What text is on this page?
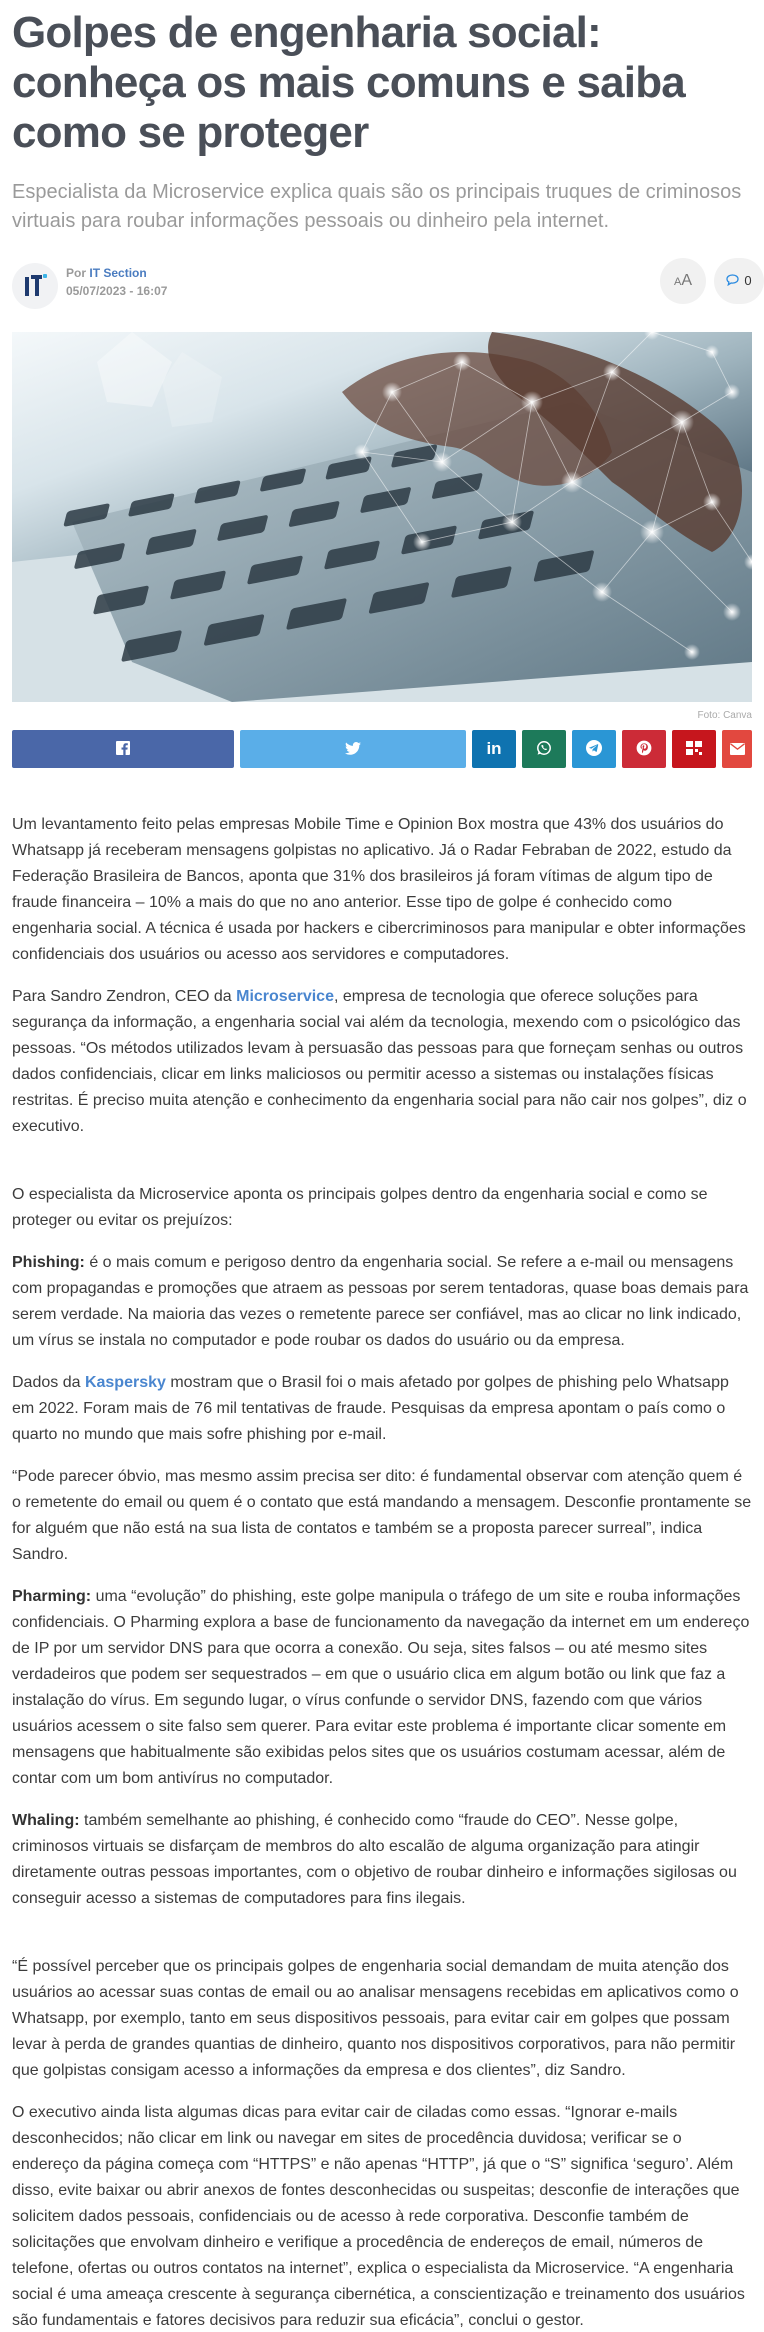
Golpes de engenharia social: conheça os mais comuns e saiba como se proteger

Especialista da Microservice explica quais são os principais truques de criminosos virtuais para roubar informações pessoais ou dinheiro pela internet.

Por IT Section
05/07/2023 - 16:07
AA	0
Foto: Canva
in

Um levantamento feito pelas empresas Mobile Time e Opinion Box mostra que 43% dos usuários do Whatsapp já receberam mensagens golpistas no aplicativo. Já o Radar Febraban de 2022, estudo da Federação Brasileira de Bancos, aponta que 31% dos brasileiros já foram vítimas de algum tipo de fraude financeira – 10% a mais do que no ano anterior. Esse tipo de golpe é conhecido como engenharia social. A técnica é usada por hackers e cibercriminosos para manipular e obter informações confidenciais dos usuários ou acesso aos servidores e computadores.

Para Sandro Zendron, CEO da Microservice, empresa de tecnologia que oferece soluções para segurança da informação, a engenharia social vai além da tecnologia, mexendo com o psicológico das pessoas. “Os métodos utilizados levam à persuasão das pessoas para que forneçam senhas ou outros dados confidenciais, clicar em links maliciosos ou permitir acesso a sistemas ou instalações físicas restritas. É preciso muita atenção e conhecimento da engenharia social para não cair nos golpes”, diz o executivo.

O especialista da Microservice aponta os principais golpes dentro da engenharia social e como se proteger ou evitar os prejuízos:

Phishing: é o mais comum e perigoso dentro da engenharia social. Se refere a e-mail ou mensagens com propagandas e promoções que atraem as pessoas por serem tentadoras, quase boas demais para serem verdade. Na maioria das vezes o remetente parece ser confiável, mas ao clicar no link indicado, um vírus se instala no computador e pode roubar os dados do usuário ou da empresa.

Dados da Kaspersky mostram que o Brasil foi o mais afetado por golpes de phishing pelo Whatsapp em 2022. Foram mais de 76 mil tentativas de fraude. Pesquisas da empresa apontam o país como o quarto no mundo que mais sofre phishing por e-mail.

“Pode parecer óbvio, mas mesmo assim precisa ser dito: é fundamental observar com atenção quem é o remetente do email ou quem é o contato que está mandando a mensagem. Desconfie prontamente se for alguém que não está na sua lista de contatos e também se a proposta parecer surreal”, indica Sandro.

Pharming: uma “evolução” do phishing, este golpe manipula o tráfego de um site e rouba informações confidenciais. O Pharming explora a base de funcionamento da navegação da internet em um endereço de IP por um servidor DNS para que ocorra a conexão. Ou seja, sites falsos – ou até mesmo sites verdadeiros que podem ser sequestrados – em que o usuário clica em algum botão ou link que faz a instalação do vírus. Em segundo lugar, o vírus confunde o servidor DNS, fazendo com que vários usuários acessem o site falso sem querer. Para evitar este problema é importante clicar somente em mensagens que habitualmente são exibidas pelos sites que os usuários costumam acessar, além de contar com um bom antivírus no computador.

Whaling: também semelhante ao phishing, é conhecido como “fraude do CEO”. Nesse golpe, criminosos virtuais se disfarçam de membros do alto escalão de alguma organização para atingir diretamente outras pessoas importantes, com o objetivo de roubar dinheiro e informações sigilosas ou conseguir acesso a sistemas de computadores para fins ilegais.

“É possível perceber que os principais golpes de engenharia social demandam de muita atenção dos usuários ao acessar suas contas de email ou ao analisar mensagens recebidas em aplicativos como o Whatsapp, por exemplo, tanto em seus dispositivos pessoais, para evitar cair em golpes que possam levar à perda de grandes quantias de dinheiro, quanto nos dispositivos corporativos, para não permitir que golpistas consigam acesso a informações da empresa e dos clientes”, diz Sandro.

O executivo ainda lista algumas dicas para evitar cair de ciladas como essas. “Ignorar e-mails desconhecidos; não clicar em link ou navegar em sites de procedência duvidosa; verificar se o endereço da página começa com “HTTPS” e não apenas “HTTP”, já que o “S” significa ‘seguro’. Além disso, evite baixar ou abrir anexos de fontes desconhecidas ou suspeitas; desconfie de interações que solicitem dados pessoais, confidenciais ou de acesso à rede corporativa. Desconfie também de solicitações que envolvam dinheiro e verifique a procedência de endereços de email, números de telefone, ofertas ou outros contatos na internet”, explica o especialista da Microservice. “A engenharia social é uma ameaça crescente à segurança cibernética, a conscientização e treinamento dos usuários são fundamentais e fatores decisivos para reduzir sua eficácia”, conclui o gestor.
